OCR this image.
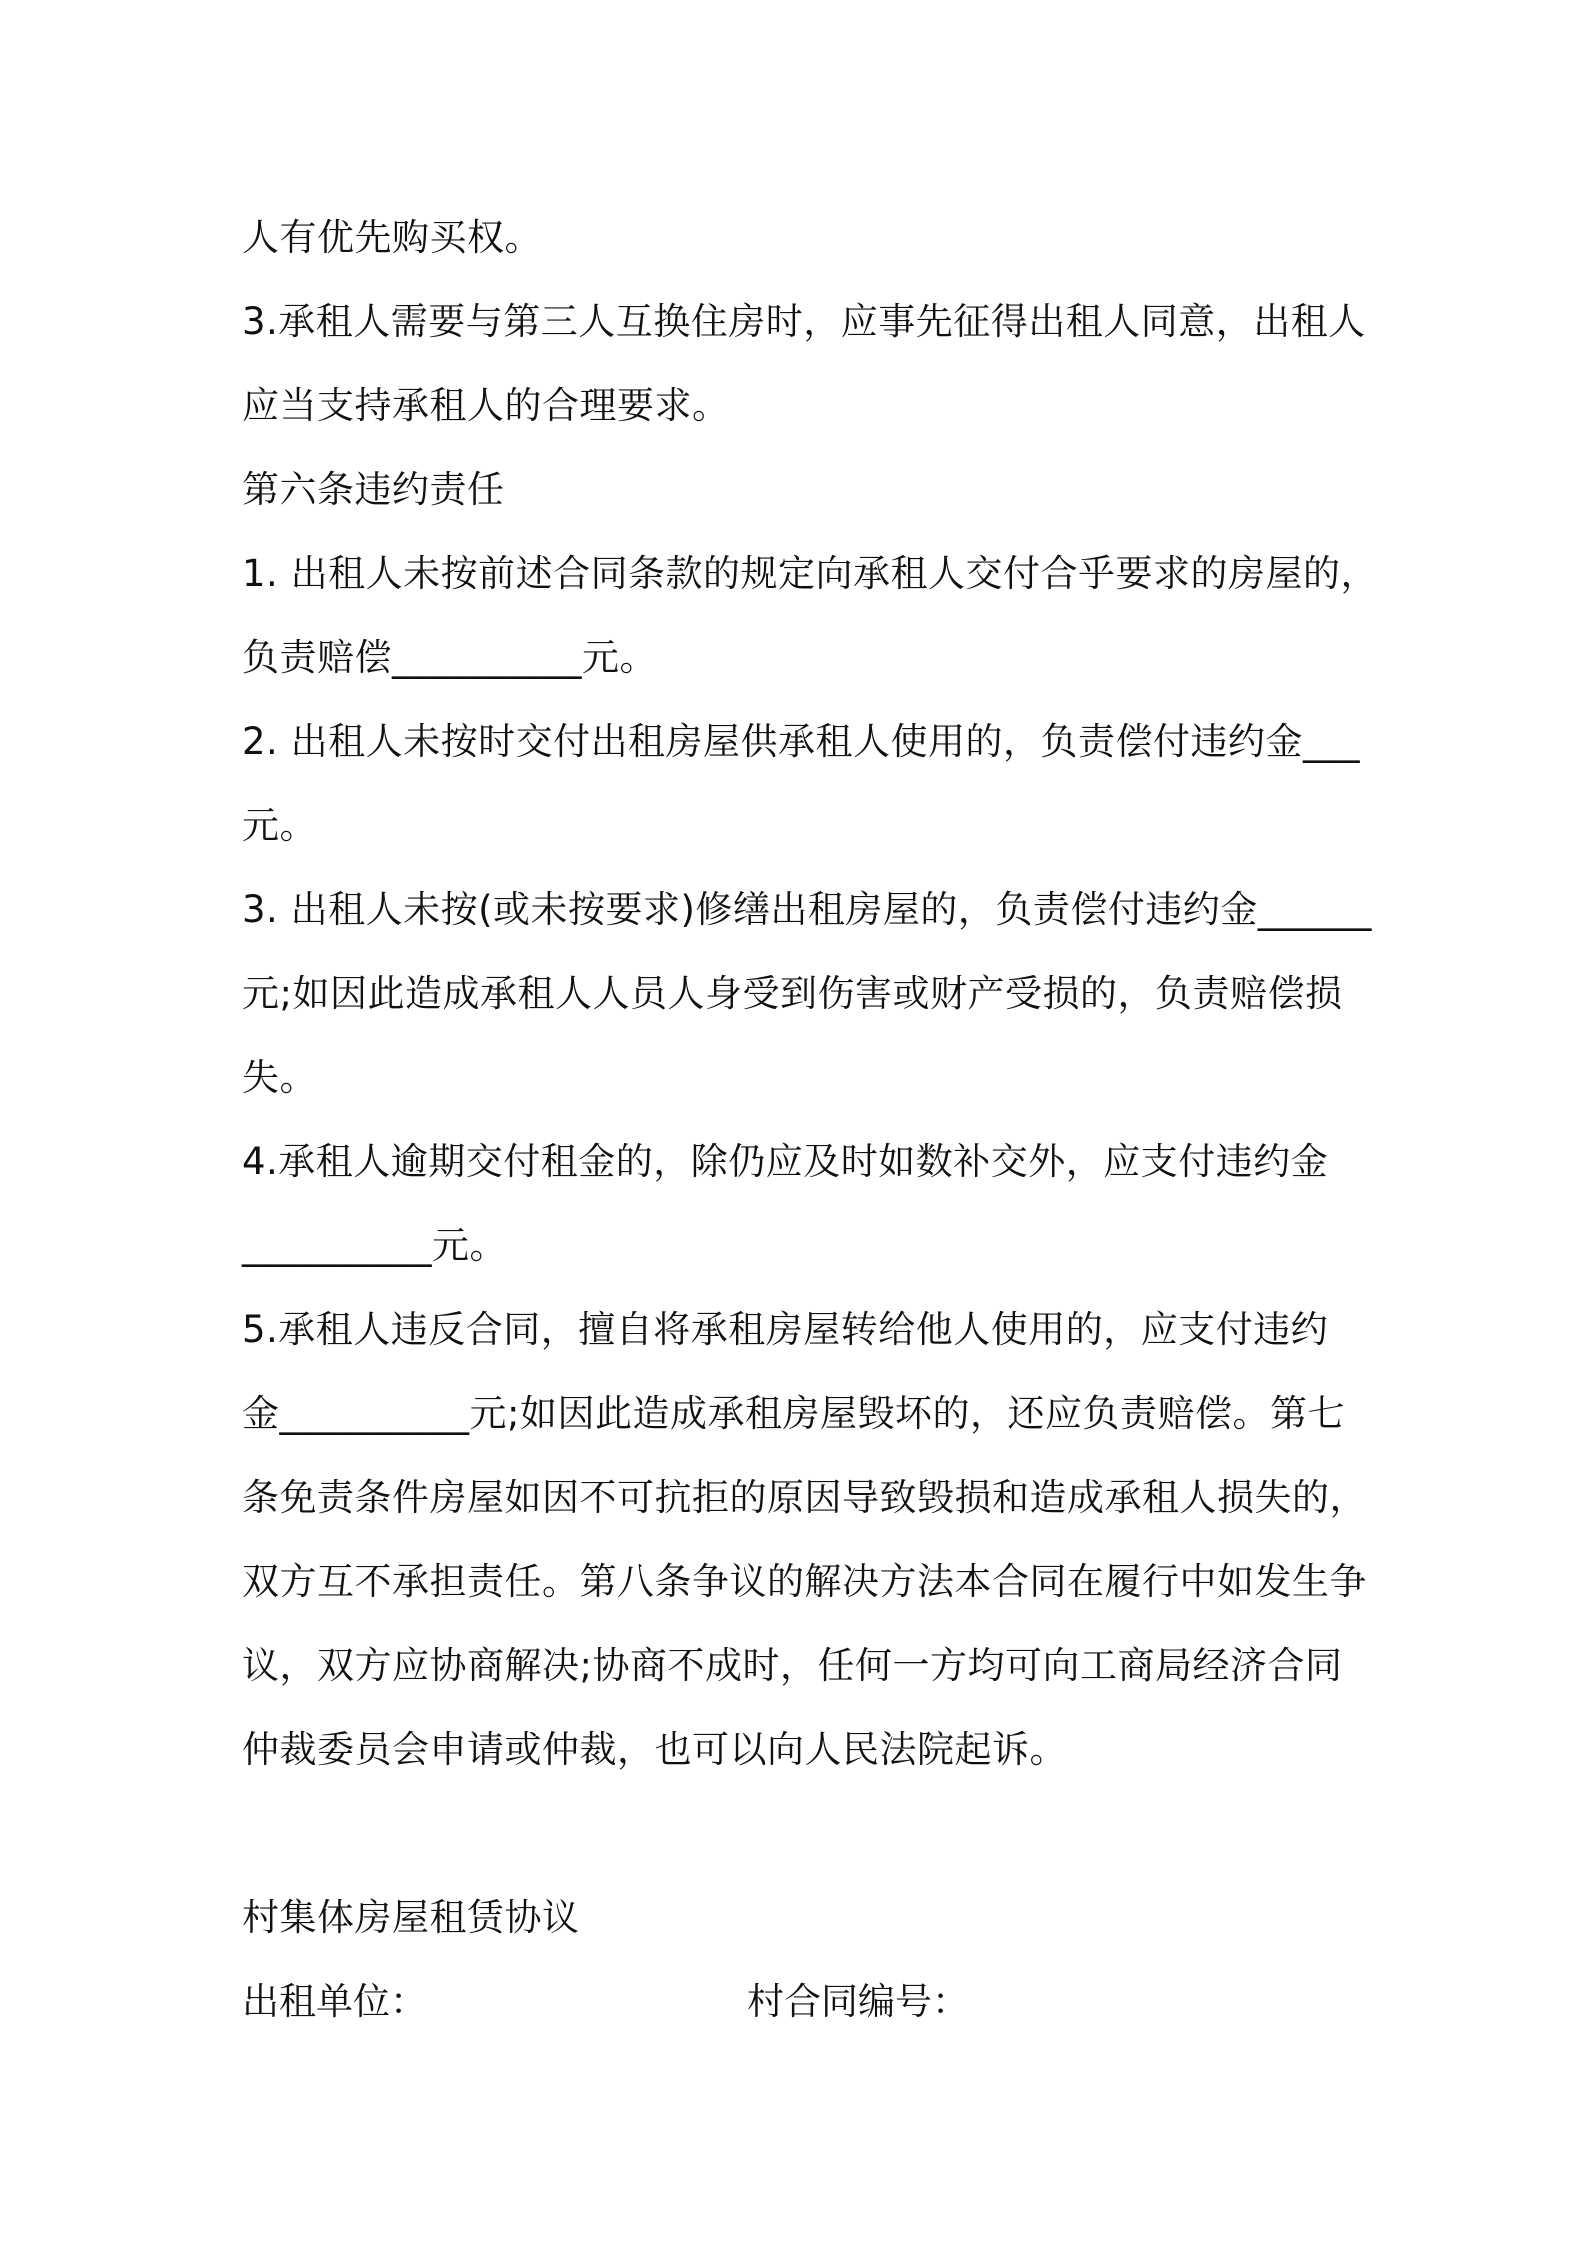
人有优先购买权。
3.承租人需要与第三人互换住房时，应事先征得出租人同意，出租人
应当支持承租人的合理要求。
第六条违约责任
1. 出租人未按前述合同条款的规定向承租人交付合乎要求的房屋的，
负责赔偿__________元。
2. 出租人未按时交付出租房屋供承租人使用的，负责偿付违约金___
元。
3. 出租人未按(或未按要求)修缮出租房屋的，负责偿付违约金______
元;如因此造成承租人人员人身受到伤害或财产受损的，负责赔偿损
失。
4.承租人逾期交付租金的，除仍应及时如数补交外，应支付违约金
__________元。
5.承租人违反合同，擅自将承租房屋转给他人使用的，应支付违约
金__________元;如因此造成承租房屋毁坏的，还应负责赔偿。第七
条免责条件房屋如因不可抗拒的原因导致毁损和造成承租人损失的，
双方互不承担责任。第八条争议的解决方法本合同在履行中如发生争
议，双方应协商解决;协商不成时，任何一方均可向工商局经济合同
仲裁委员会申请或仲裁，也可以向人民法院起诉。
村集体房屋租赁协议
出租单位：	村合同编号：
